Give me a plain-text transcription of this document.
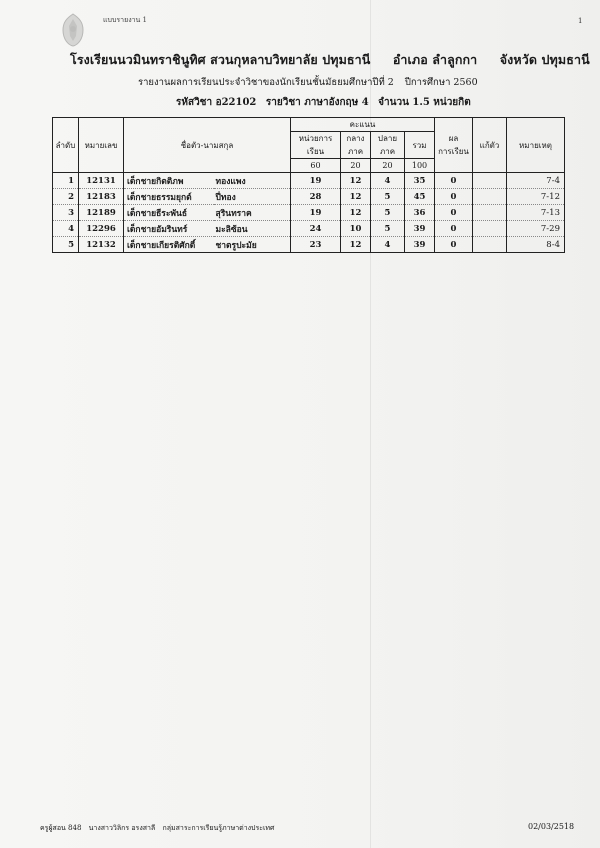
แบบรายงาน 1	1
โรงเรียนนวมินทราชินูทิศ สวนกุหลาบวิทยาลัย ปทุมธานี อำเภอ ลำลูกกา จังหวัด ปทุมธานี
รายงานผลการเรียนประจำวิชาของนักเรียนชั้นมัธยมศึกษาปีที่ 2 ปีการศึกษา 2560
รหัสวิชา อ22102 รายวิชา ภาษาอังกฤษ 4 จำนวน 1.5 หน่วยกิต
ลำดับ	หมายเลข	ชื่อตัว-นามสกุล		คะแนน				ผล
การเรียน	แก้ตัว	หมายเหตุ
				หน่วยการเรียน	กลางภาค	ปลายภาค	รวม			
				60	20	20	100			
1	12131	เด็กชายกิตติภพ	ทองแพง	19	12	4	35	0		7-4
2	12183	เด็กชายธรรมยุกต์	ปี่ทอง	28	12	5	45	0		7-12
3	12189	เด็กชายธีระพันธ์	สุรินทราค	19	12	5	36	0		7-13
4	12296	เด็กชายอัมรินทร์	มะลิซ้อน	24	10	5	39	0		7-29
5	12132	เด็กชายเกียรติศักดิ์	ชาตรูปะมัย	23	12	4	39	0		8-4
ครูผู้สอน 848 นางสาววิลิกร อรงสาลี กลุ่มสาระการเรียนรู้ภาษาต่างประเทศ	02/03/2518
